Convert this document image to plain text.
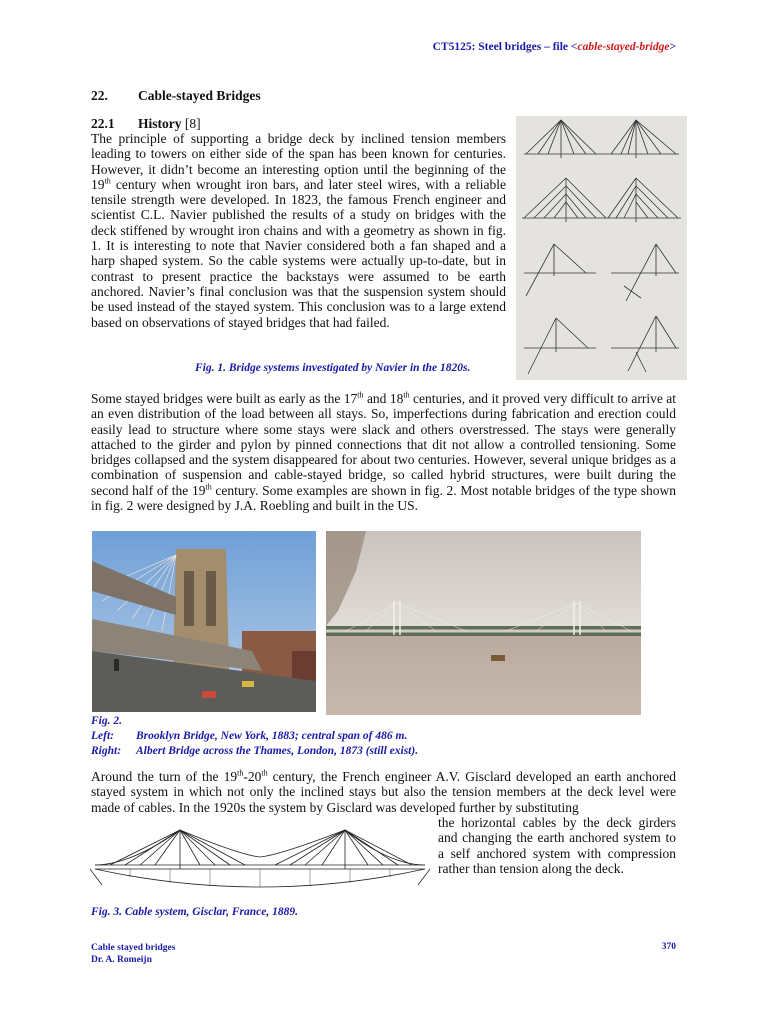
CT5125: Steel bridges – file <cable-stayed-bridge>
22. Cable-stayed Bridges
22.1 History [8]
The principle of supporting a bridge deck by inclined tension members leading to towers on either side of the span has been known for centuries. However, it didn’t become an interesting option until the beginning of the 19th century when wrought iron bars, and later steel wires, with a reliable tensile strength were developed. In 1823, the famous French engineer and scientist C.L. Navier published the results of a study on bridges with the deck stiffened by wrought iron chains and with a geometry as shown in fig. 1. It is interesting to note that Navier considered both a fan shaped and a harp shaped system. So the cable systems were actually up-to-date, but in contrast to present practice the backstays were assumed to be earth anchored. Navier’s final conclusion was that the suspension system should be used instead of the stayed system. This conclusion was to a large extend based on observations of stayed bridges that had failed.
Fig. 1. Bridge systems investigated by Navier in the 1820s.
Some stayed bridges were built as early as the 17th and 18th centuries, and it proved very difficult to arrive at an even distribution of the load between all stays. So, imperfections during fabrication and erection could easily lead to structure where some stays were slack and others overstressed. The stays were generally attached to the girder and pylon by pinned connections that dit not allow a controlled tensioning. Some bridges collapsed and the system disappeared for about two centuries. However, several unique bridges as a combination of suspension and cable-stayed bridge, so called hybrid structures, were built during the second half of the 19th century. Some examples are shown in fig. 2. Most notable bridges of the type shown in fig. 2 were designed by J.A. Roebling and built in the US.
Fig. 2.
Left: Brooklyn Bridge, New York, 1883; central span of 486 m.
Right: Albert Bridge across the Thames, London, 1873 (still exist).
Around the turn of the 19th-20th century, the French engineer A.V. Gisclard developed an earth anchored stayed system in which not only the inclined stays but also the tension members at the deck level were made of cables. In the 1920s the system by Gisclard was developed further by substituting
the horizontal cables by the deck girders and changing the earth anchored system to a self anchored system with compression rather than tension along the deck.
Fig. 3. Cable system, Gisclar, France, 1889.
Cable stayed bridges
Dr. A. Romeijn
370
